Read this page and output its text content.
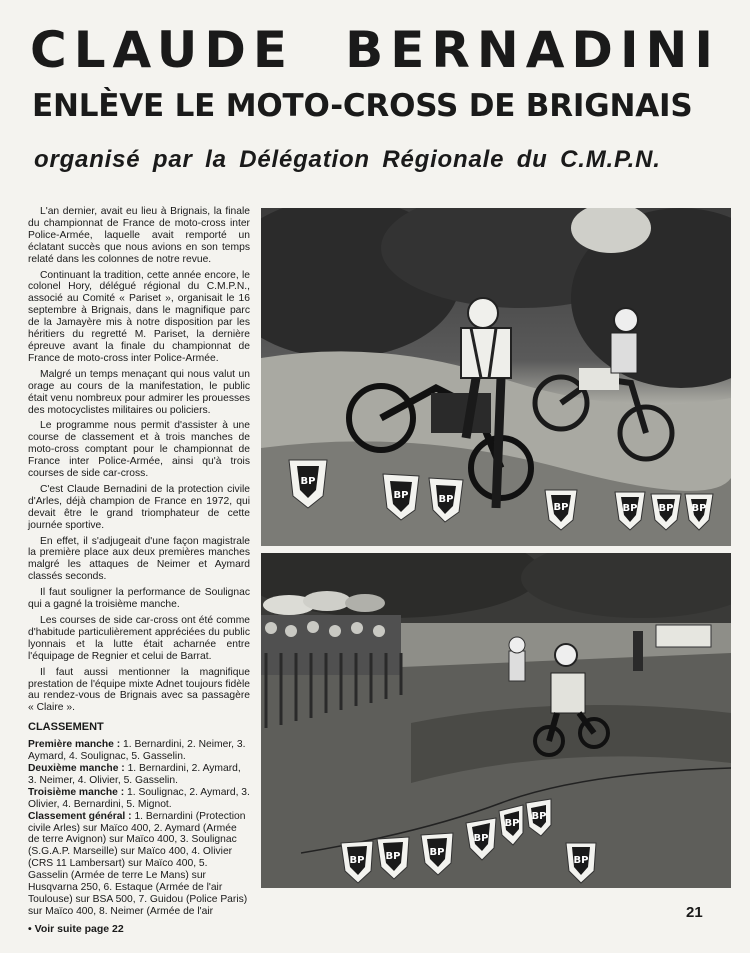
CLAUDE BERNADINI
ENLÈVE LE MOTO-CROSS DE BRIGNAIS
organisé par la Délégation Régionale du C.M.P.N.

L'an dernier, avait eu lieu à Brignais, la finale du championnat de France de moto-cross inter Police-Armée, laquelle avait remporté un éclatant succès que nous avions en son temps relaté dans les colonnes de notre revue.

Continuant la tradition, cette année encore, le colonel Hory, délégué régional du C.M.P.N., associé au Comité « Pariset », organisait le 16 septembre à Brignais, dans le magnifique parc de la Jamayère mis à notre disposition par les héritiers du regretté M. Pariset, la dernière épreuve avant la finale du championnat de France de moto-cross inter Police-Armée.

Malgré un temps menaçant qui nous valut un orage au cours de la manifestation, le public était venu nombreux pour admirer les prouesses des motocyclistes militaires ou policiers.

Le programme nous permit d'assister à une course de classement et à trois manches de moto-cross comptant pour le championnat de France inter Police-Armée, ainsi qu'à trois courses de side car-cross.

C'est Claude Bernadini de la protection civile d'Arles, déjà champion de France en 1972, qui devait être le grand triomphateur de cette journée sportive.

En effet, il s'adjugeait d'une façon magistrale la première place aux deux premières manches malgré les attaques de Neimer et Aymard classés seconds.

Il faut souligner la performance de Soulignac qui a gagné la troisième manche.

Les courses de side car-cross ont été comme d'habitude particulièrement appréciées du public lyonnais et la lutte était acharnée entre l'équipage de Regnier et celui de Barrat.

Il faut aussi mentionner la magnifique prestation de l'équipe mixte Adnet toujours fidèle au rendez-vous de Brignais avec sa passagère « Claire ».

CLASSEMENT

Première manche : 1. Bernardini, 2. Neimer, 3. Aymard, 4. Soulignac, 5. Gasselin.

Deuxième manche : 1. Bernardini, 2. Aymard, 3. Neimer, 4. Olivier, 5. Gasselin.

Troisième manche : 1. Soulignac, 2. Aymard, 3. Olivier, 4. Bernardini, 5. Mignot.

Classement général : 1. Bernardini (Protection civile Arles) sur Maïco 400, 2. Aymard (Armée de terre Avignon) sur Maïco 400, 3. Soulignac (S.G.A.P. Marseille) sur Maïco 400, 4. Olivier (CRS 11 Lambersart) sur Maïco 400, 5. Gasselin (Armée de terre Le Mans) sur Husqvarna 250, 6. Estaque (Armée de l'air Toulouse) sur BSA 500, 7. Guidou (Police Paris) sur Maïco 400, 8. Neimer (Armée de l'air

• Voir suite page 22
BP
BP	BP
BP	BP BP BP
BP BP	BP
BP
BP
BP
BP
21
